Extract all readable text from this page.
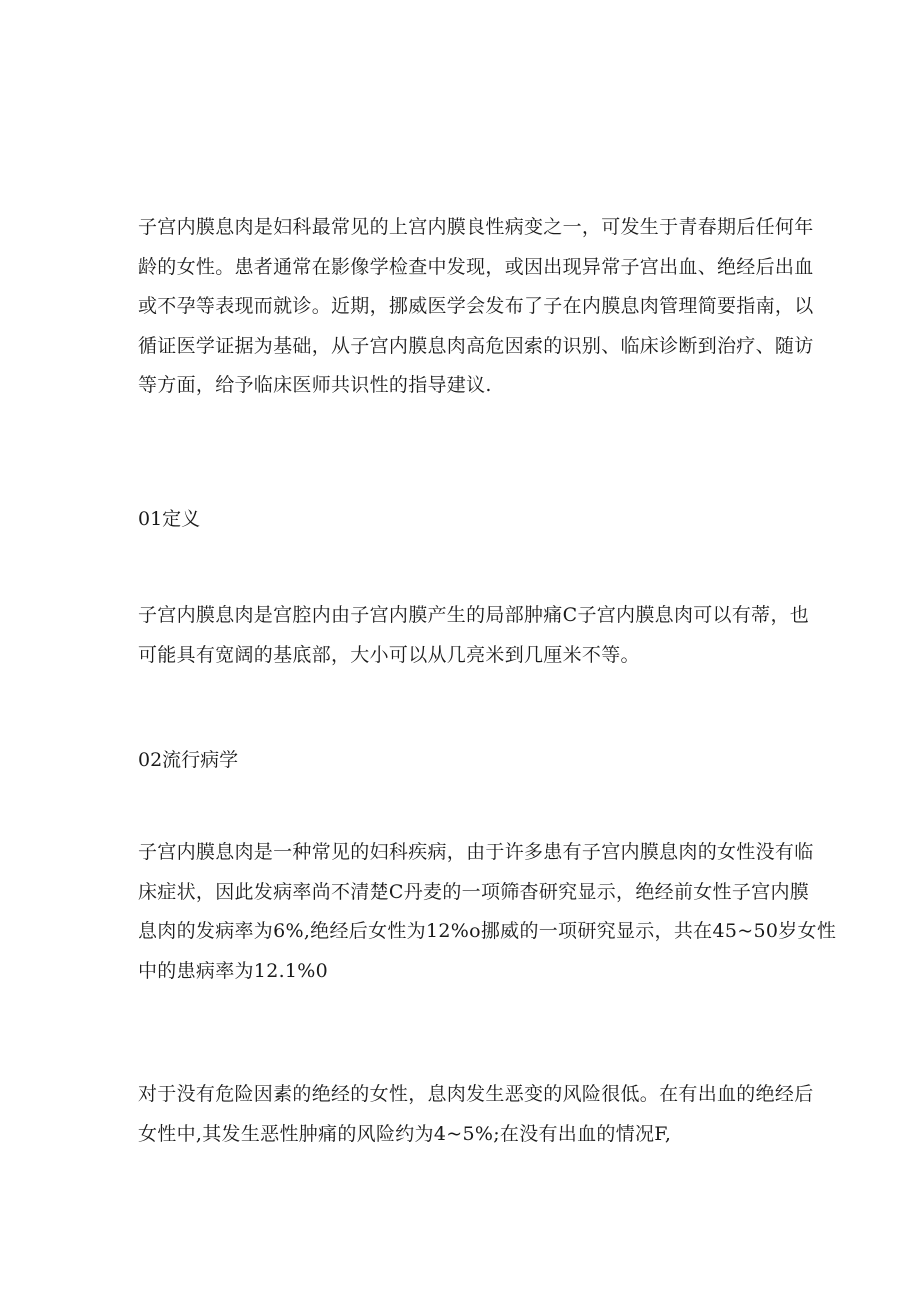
子宫内膜息肉是妇科最常见的上宫内膜良性病变之一，可发生于青春期后任何年
龄的女性。患者通常在影像学检查中发现，或因出现异常子宫出血、绝经后出血
或不孕等表现而就诊。近期，挪威医学会发布了子在内膜息肉管理简要指南，以
循证医学证据为基础，从子宫内膜息肉高危因索的识别、临床诊断到治疗、随访
等方面，给予临床医师共识性的指导建议.
01定义
子宫内膜息肉是宫腔内由子宫内膜产生的局部肿痛C子宫内膜息肉可以有蒂，也
可能具有宽阔的基底部，大小可以从几亮米到几厘米不等。
02流行病学
子宫内膜息肉是一种常见的妇科疾病，由于许多患有子宫内膜息肉的女性没有临
床症状，因此发病率尚不清楚C丹麦的一项筛杳研究显示，绝经前女性子宫内膜
息肉的发病率为6%,绝经后女性为12%o挪威的一项研究显示，共在45~50岁女性
中的患病率为12.1%0
对于没有危险因素的绝经的女性，息肉发生恶变的风险很低。在有出血的绝经后
女性中,其发生恶性肿痛的风险约为4~5%;在没有出血的情况F,
